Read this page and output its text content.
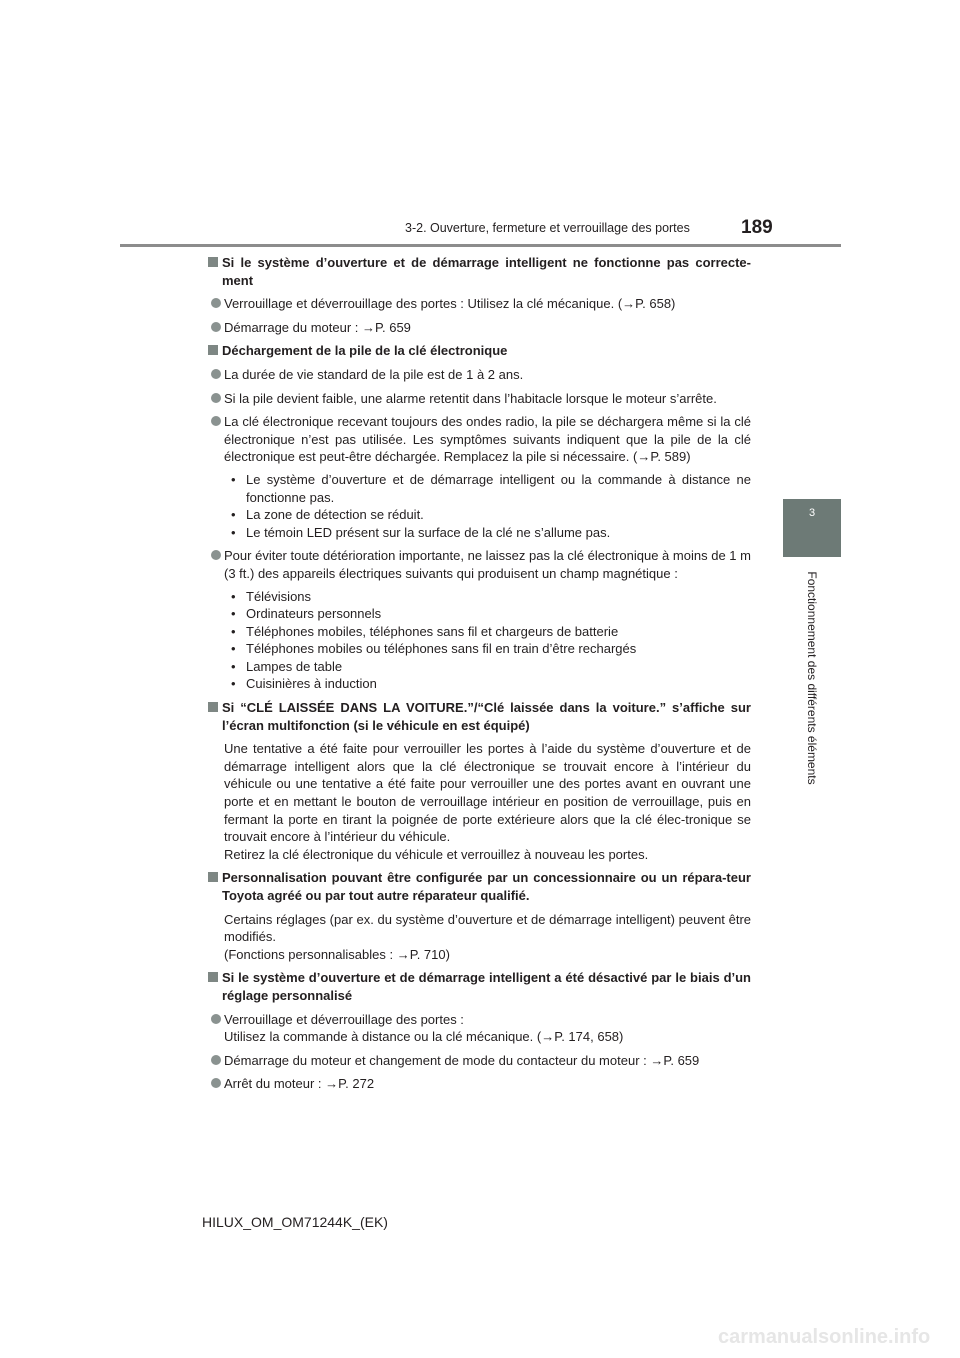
3-2. Ouverture, fermeture et verrouillage des portes	189
3
Fonctionnement des différents éléments
Si le système d’ouverture et de démarrage intelligent ne fonctionne pas correcte-ment
Verrouillage et déverrouillage des portes : Utilisez la clé mécanique. (→P. 658)
Démarrage du moteur : →P. 659
Déchargement de la pile de la clé électronique
La durée de vie standard de la pile est de 1 à 2 ans.
Si la pile devient faible, une alarme retentit dans l’habitacle lorsque le moteur s’arrête.
La clé électronique recevant toujours des ondes radio, la pile se déchargera même si la clé électronique n’est pas utilisée. Les symptômes suivants indiquent que la pile de la clé électronique est peut-être déchargée. Remplacez la pile si nécessaire. (→P. 589)
• Le système d’ouverture et de démarrage intelligent ou la commande à distance ne fonctionne pas.
• La zone de détection se réduit.
• Le témoin LED présent sur la surface de la clé ne s’allume pas.
Pour éviter toute détérioration importante, ne laissez pas la clé électronique à moins de 1 m (3 ft.) des appareils électriques suivants qui produisent un champ magnétique :
• Télévisions
• Ordinateurs personnels
• Téléphones mobiles, téléphones sans fil et chargeurs de batterie
• Téléphones mobiles ou téléphones sans fil en train d’être rechargés
• Lampes de table
• Cuisinières à induction
Si “CLÉ LAISSÉE DANS LA VOITURE.”/“Clé laissée dans la voiture.” s’affiche sur l’écran multifonction (si le véhicule en est équipé)
Une tentative a été faite pour verrouiller les portes à l’aide du système d’ouverture et de démarrage intelligent alors que la clé électronique se trouvait encore à l’intérieur du véhicule ou une tentative a été faite pour verrouiller une des portes avant en ouvrant une porte et en mettant le bouton de verrouillage intérieur en position de verrouillage, puis en fermant la porte en tirant la poignée de porte extérieure alors que la clé élec-tronique se trouvait encore à l’intérieur du véhicule.
Retirez la clé électronique du véhicule et verrouillez à nouveau les portes.
Personnalisation pouvant être configurée par un concessionnaire ou un répara-teur Toyota agréé ou par tout autre réparateur qualifié.
Certains réglages (par ex. du système d’ouverture et de démarrage intelligent) peuvent être modifiés.
(Fonctions personnalisables : →P. 710)
Si le système d’ouverture et de démarrage intelligent a été désactivé par le biais d’un réglage personnalisé
Verrouillage et déverrouillage des portes :
Utilisez la commande à distance ou la clé mécanique. (→P. 174, 658)
Démarrage du moteur et changement de mode du contacteur du moteur : →P. 659
Arrêt du moteur : →P. 272
HILUX_OM_OM71244K_(EK)
carmanualsonline.info
